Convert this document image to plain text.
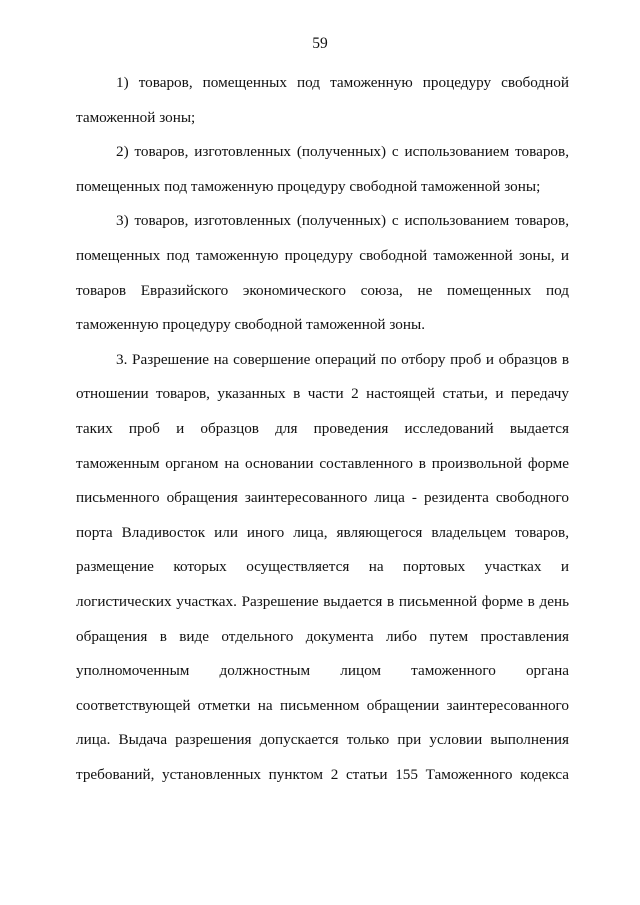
59

1) товаров, помещенных под таможенную процедуру свободной таможенной зоны;

2) товаров, изготовленных (полученных) с использованием товаров, помещенных под таможенную процедуру свободной таможенной зоны;

3) товаров, изготовленных (полученных) с использованием товаров, помещенных под таможенную процедуру свободной таможенной зоны, и товаров Евразийского экономического союза, не помещенных под таможенную процедуру свободной таможенной зоны.

3. Разрешение на совершение операций по отбору проб и образцов в отношении товаров, указанных в части 2 настоящей статьи, и передачу таких проб и образцов для проведения исследований выдается таможенным органом на основании составленного в произвольной форме письменного обращения заинтересованного лица - резидента свободного порта Владивосток или иного лица, являющегося владельцем товаров, размещение которых осуществляется на портовых участках и логистических участках. Разрешение выдается в письменной форме в день обращения в виде отдельного документа либо путем проставления уполномоченным должностным лицом таможенного органа соответствующей отметки на письменном обращении заинтересованного лица. Выдача разрешения допускается только при условии выполнения требований, установленных пунктом 2 статьи 155 Таможенного кодекса
